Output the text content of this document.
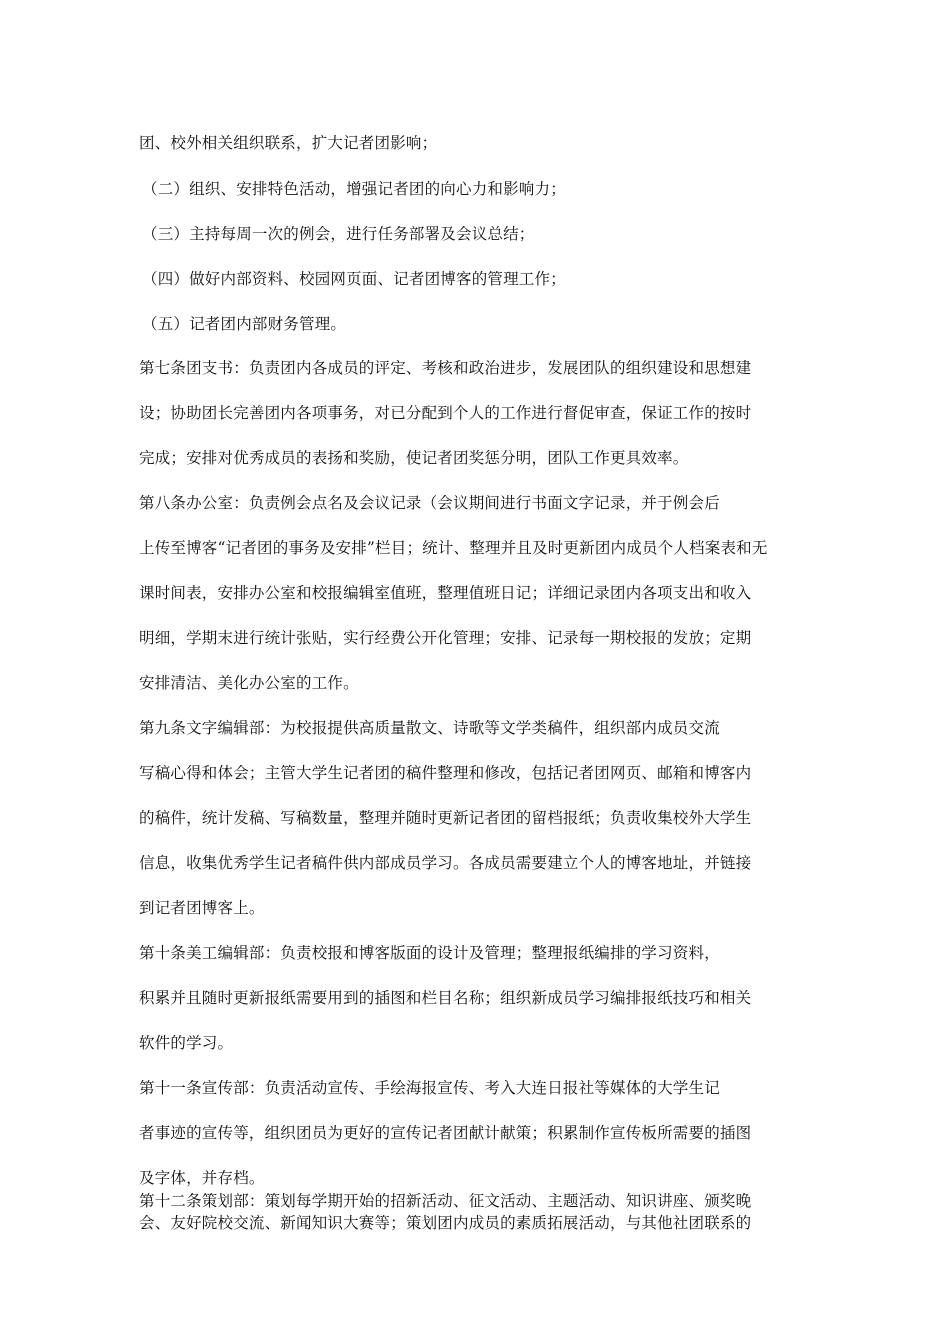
团、校外相关组织联系，扩大记者团影响；
（二）组织、安排特色活动，增强记者团的向心力和影响力；
（三）主持每周一次的例会，进行任务部署及会议总结；
（四）做好内部资料、校园网页面、记者团博客的管理工作；
（五）记者团内部财务管理。
第七条团支书：负责团内各成员的评定、考核和政治进步，发展团队的组织建设和思想建
设；协助团长完善团内各项事务，对已分配到个人的工作进行督促审查，保证工作的按时
完成；安排对优秀成员的表扬和奖励，使记者团奖惩分明，团队工作更具效率。
第八条办公室：负责例会点名及会议记录（会议期间进行书面文字记录，并于例会后
上传至博客“记者团的事务及安排”栏目；统计、整理并且及时更新团内成员个人档案表和无
课时间表，安排办公室和校报编辑室值班，整理值班日记；详细记录团内各项支出和收入
明细，学期末进行统计张贴，实行经费公开化管理；安排、记录每一期校报的发放；定期
安排清洁、美化办公室的工作。
第九条文字编辑部：为校报提供高质量散文、诗歌等文学类稿件，组织部内成员交流
写稿心得和体会；主管大学生记者团的稿件整理和修改，包括记者团网页、邮箱和博客内
的稿件，统计发稿、写稿数量，整理并随时更新记者团的留档报纸；负责收集校外大学生
信息，收集优秀学生记者稿件供内部成员学习。各成员需要建立个人的博客地址，并链接
到记者团博客上。
第十条美工编辑部：负责校报和博客版面的设计及管理；整理报纸编排的学习资料，
积累并且随时更新报纸需要用到的插图和栏目名称；组织新成员学习编排报纸技巧和相关
软件的学习。
第十一条宣传部：负责活动宣传、手绘海报宣传、考入大连日报社等媒体的大学生记
者事迹的宣传等，组织团员为更好的宣传记者团献计献策；积累制作宣传板所需要的插图
及字体，并存档。
第十二条策划部：策划每学期开始的招新活动、征文活动、主题活动、知识讲座、颁奖晚
会、友好院校交流、新闻知识大赛等；策划团内成员的素质拓展活动，与其他社团联系的
